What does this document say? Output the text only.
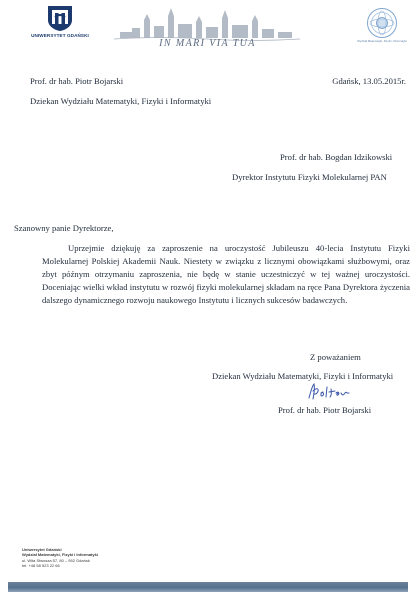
UNIWERSYTET GDAŃSKI
IN MARI VIA TUA	Wydział Matematyki, Fizyki i Informatyki
Prof. dr hab. Piotr Bojarski	Gdańsk, 13.05.2015r.
Dziekan Wydziału Matematyki, Fizyki i Informatyki
Prof. dr hab. Bogdan Idzikowski
Dyrektor Instytutu Fizyki Molekularnej PAN
Szanowny panie Dyrektorze,
Uprzejmie dziękuję za zaproszenie na uroczystość Jubileuszu 40-lecia Instytutu Fizyki Molekularnej Polskiej Akademii Nauk. Niestety w związku z licznymi obowiązkami służbowymi, oraz zbyt późnym otrzymaniu zaproszenia, nie będę w stanie uczestniczyć w tej ważnej uroczystości. Doceniając wielki wkład instytutu w rozwój fizyki molekularnej składam na ręce Pana Dyrektora życzenia dalszego dynamicznego rozwoju naukowego Instytutu i licznych sukcesów badawczych.
Z poważaniem
Dziekan Wydziału Matematyki, Fizyki i Informatyki
Prof. dr hab. Piotr Bojarski
Uniwersytet Gdański
Wydział Matematyki, Fizyki i Informatyki
ul. Wita Stwosza 57, 80 – 952 Gdańsk
tel. +48 58 523 22 66
